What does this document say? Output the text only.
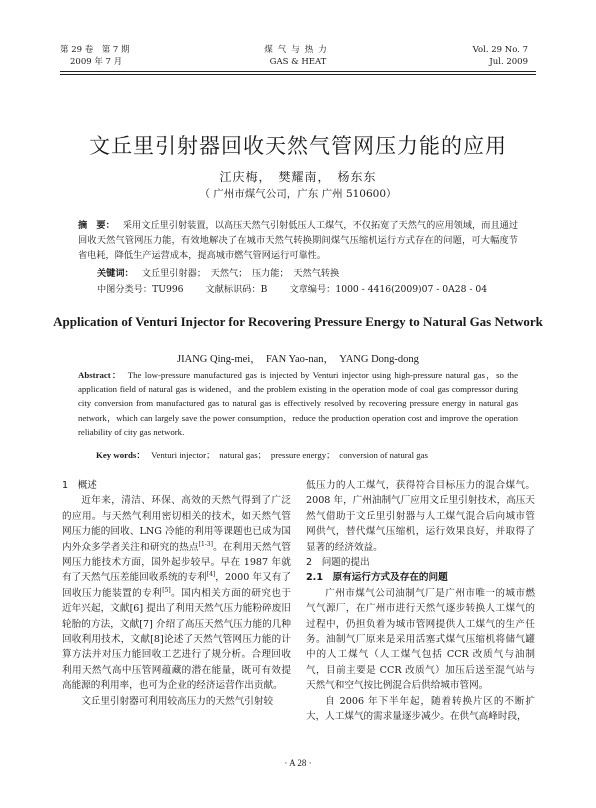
第 29 卷　第 7 期
2009 年 7 月
煤气与热力
GAS & HEAT
Vol. 29 No. 7
Jul. 2009
文丘里引射器回收天然气管网压力能的应用
江庆梅，　樊耀南，　杨东东
（ 广州市煤气公司，广东 广州 510600）
摘　要： 采用文丘里引射装置，以高压天然气引射低压人工煤气，不仅拓宽了天然气的应用领域，而且通过回收天然气管网压力能，有效地解决了在城市天然气转换期间煤气压缩机运行方式存在的问题，可大幅度节省电耗，降低生产运营成本，提高城市燃气管网运行可靠性。
关键词： 文丘里引射器；　天然气；　压力能；　天然气转换
中图分类号：TU996 文献标识码：B 文章编号：1000 - 4416(2009)07 - 0A28 - 04
Application of Venturi Injector for Recovering Pressure Energy to Natural Gas Network
JIANG Qing-mei，　FAN Yao-nan，　YANG Dong-dong
Abstract： The low-pressure manufactured gas is injected by Venturi injector using high-pressure natural gas，so the application field of natural gas is widened，and the problem existing in the operation mode of coal gas compressor during city conversion from manufactured gas to natural gas is effectively resolved by recovering pressure energy in natural gas network，which can largely save the power consumption，reduce the production operation cost and improve the operation reliability of city gas network.
Key words： Venturi injector；　natural gas；　pressure energy；　conversion of natural gas
1　概述

近年来，清洁、环保、高效的天然气得到了广泛的应用。与天然气利用密切相关的技术，如天然气管网压力能的回收、LNG 冷能的利用等课题也已成为国内外众多学者关注和研究的热点[1-3]。在利用天然气管网压力能技术方面，国外起步较早。早在 1987 年就有了天然气压差能回收系统的专利[4]，2000 年又有了回收压力能装置的专利[5]。国内相关方面的研究也于近年兴起，文献[6] 提出了利用天然气压力能粉碎废旧轮胎的方法，文献[7] 介绍了高压天然气压力能的几种回收利用技术，文献[8]论述了天然气管网压力能的计算方法并对压力能回收工艺进行了规分析。合理回收利用天然气高中压管网蕴藏的潜在能量，既可有效提高能源的利用率，也可为企业的经济运营作出贡献。

文丘里引射器可利用较高压力的天然气引射较

低压力的人工煤气，获得符合目标压力的混合煤气。2008 年，广州油制气厂应用文丘里引射技术，高压天然气借助于文丘里引射器与人工煤气混合后向城市管网供气，替代煤气压缩机，运行效果良好，并取得了显著的经济效益。
2　问题的提出
2.1　原有运行方式及存在的问题

广州市煤气公司油制气厂是广州市唯一的城市燃气气源厂，在广州市进行天然气逐步转换人工煤气的过程中，仍担负着为城市管网提供人工煤气的生产任务。油制气厂原来是采用活塞式煤气压缩机将储气罐中的人工煤气（人工煤气包括 CCR 改质气与油制气，目前主要是 CCR 改质气）加压后送至混气站与天然气和空气按比例混合后供给城市管网。

自 2006 年下半年起，随着转换片区的不断扩大，人工煤气的需求量逐步减少。在供气高峰时段，

· A 28 ·
